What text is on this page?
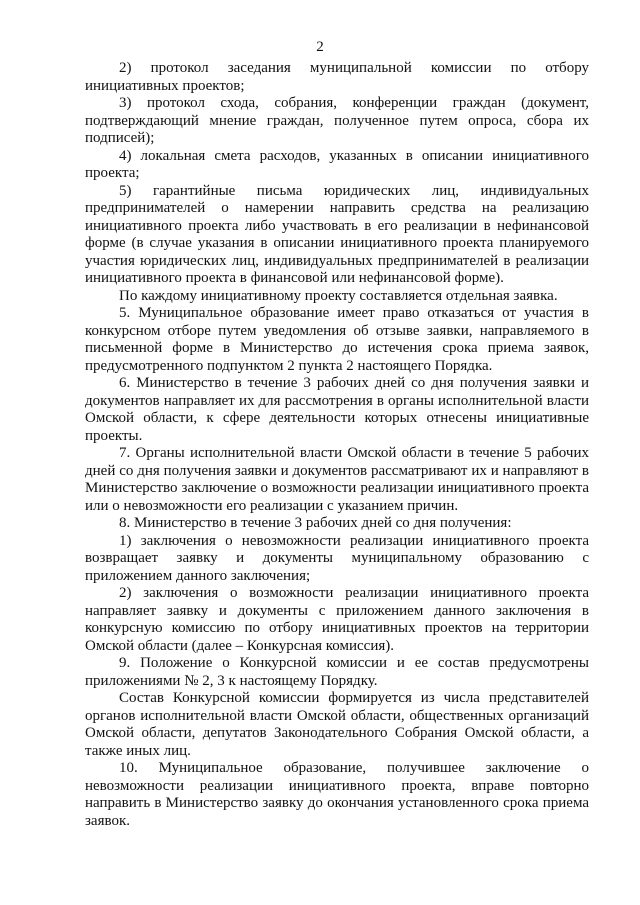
2

2) протокол заседания муниципальной комиссии по отбору инициативных проектов;

3) протокол схода, собрания, конференции граждан (документ, подтверждающий мнение граждан, полученное путем опроса, сбора их подписей);

4) локальная смета расходов, указанных в описании инициативного проекта;

5) гарантийные письма юридических лиц, индивидуальных предпринимателей о намерении направить средства на реализацию инициативного проекта либо участвовать в его реализации в нефинансовой форме (в случае указания в описании инициативного проекта планируемого участия юридических лиц, индивидуальных предпринимателей в реализации инициативного проекта в финансовой или нефинансовой форме).

По каждому инициативному проекту составляется отдельная заявка.

5. Муниципальное образование имеет право отказаться от участия в конкурсном отборе путем уведомления об отзыве заявки, направляемого в письменной форме в Министерство до истечения срока приема заявок, предусмотренного подпунктом 2 пункта 2 настоящего Порядка.

6. Министерство в течение 3 рабочих дней со дня получения заявки и документов направляет их для рассмотрения в органы исполнительной власти Омской области, к сфере деятельности которых отнесены инициативные проекты.

7. Органы исполнительной власти Омской области в течение 5 рабочих дней со дня получения заявки и документов рассматривают их и направляют в Министерство заключение о возможности реализации инициативного проекта или о невозможности его реализации с указанием причин.

8. Министерство в течение 3 рабочих дней со дня получения:

1) заключения о невозможности реализации инициативного проекта возвращает заявку и документы муниципальному образованию с приложением данного заключения;

2) заключения о возможности реализации инициативного проекта направляет заявку и документы с приложением данного заключения в конкурсную комиссию по отбору инициативных проектов на территории Омской области (далее – Конкурсная комиссия).

9. Положение о Конкурсной комиссии и ее состав предусмотрены приложениями № 2, 3 к настоящему Порядку.

Состав Конкурсной комиссии формируется из числа представителей органов исполнительной власти Омской области, общественных организаций Омской области, депутатов Законодательного Собрания Омской области, а также иных лиц.

10. Муниципальное образование, получившее заключение о невозможности реализации инициативного проекта, вправе повторно направить в Министерство заявку до окончания установленного срока приема заявок.
